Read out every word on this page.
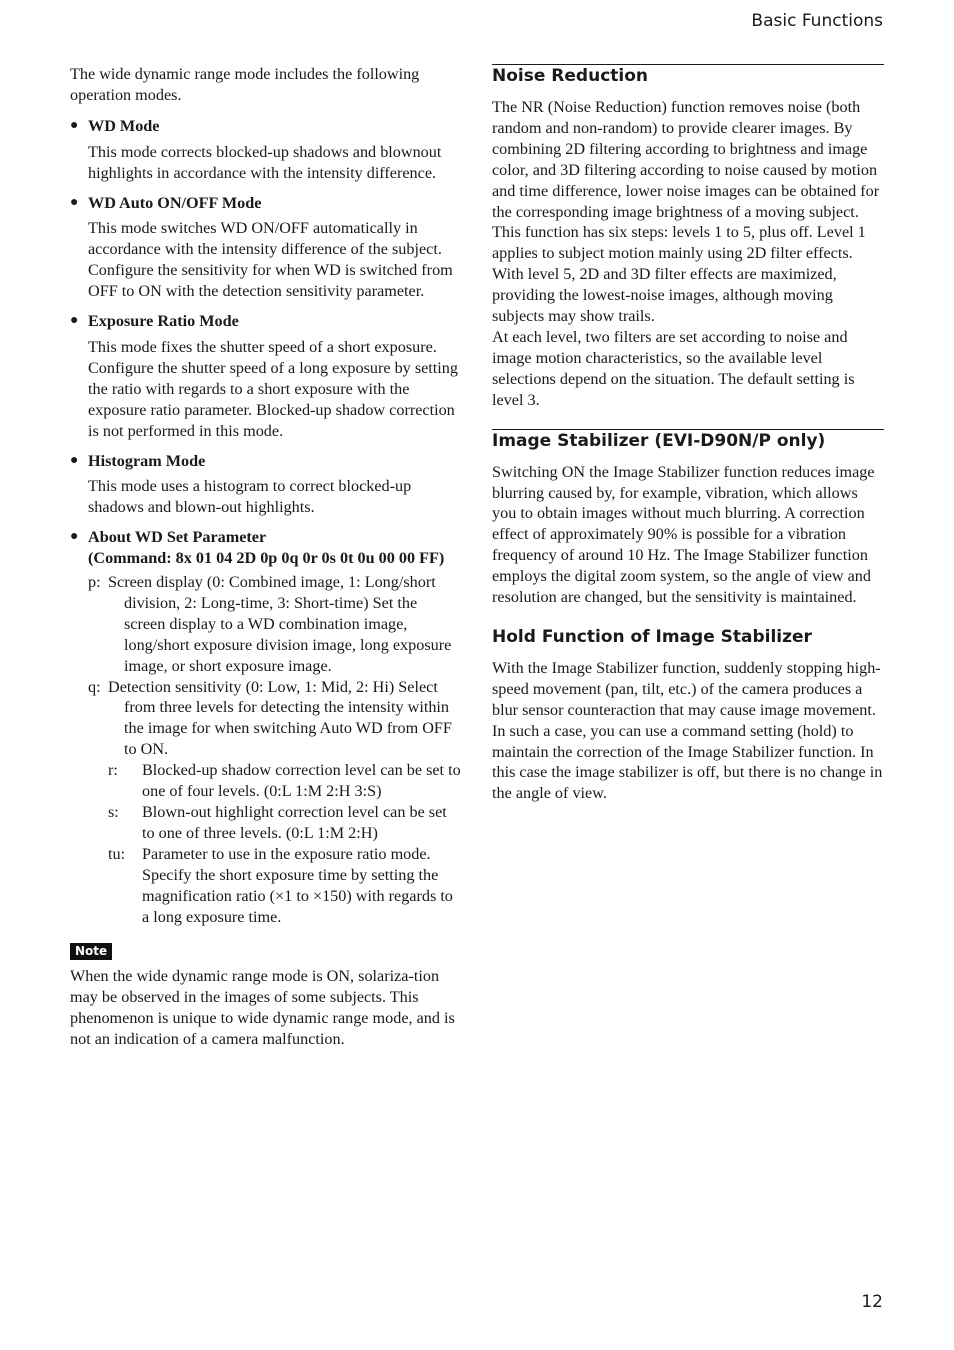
Basic Functions

The wide dynamic range mode includes the following operation modes.

● WD Mode

This mode corrects blocked-up shadows and blownout highlights in accordance with the intensity difference.

● WD Auto ON/OFF Mode

This mode switches WD ON/OFF automatically in accordance with the intensity difference of the subject. Configure the sensitivity for when WD is switched from OFF to ON with the detection sensitivity parameter.

● Exposure Ratio Mode

This mode fixes the shutter speed of a short exposure. Configure the shutter speed of a long exposure by setting the ratio with regards to a short exposure with the exposure ratio parameter. Blocked-up shadow correction is not performed in this mode.

● Histogram Mode

This mode uses a histogram to correct blocked-up shadows and blown-out highlights.

● About WD Set Parameter
(Command: 8x 01 04 2D 0p 0q 0r 0s 0t 0u 00 00 FF)
p: Screen display (0: Combined image, 1: Long/short division, 2: Long-time, 3: Short-time) Set the screen display to a WD combination image, long/short exposure division image, long exposure image, or short exposure image.
q: Detection sensitivity (0: Low, 1: Mid, 2: Hi) Select from three levels for detecting the intensity within the image for when switching Auto WD from OFF to ON.
r:	Blocked-up shadow correction level can be set to one of four levels. (0:L 1:M 2:H 3:S)
s:	Blown-out highlight correction level can be set to one of three levels. (0:L 1:M 2:H)
tu:	Parameter to use in the exposure ratio mode. Specify the short exposure time by setting the magnification ratio (×1 to ×150) with regards to a long exposure time.
Note

When the wide dynamic range mode is ON, solariza-tion may be observed in the images of some subjects. This phenomenon is unique to wide dynamic range mode, and is not an indication of a camera malfunction.

Noise Reduction

The NR (Noise Reduction) function removes noise (both random and non-random) to provide clearer images. By combining 2D filtering according to brightness and image color, and 3D filtering according to noise caused by motion and time difference, lower noise images can be obtained for the corresponding image brightness of a moving subject.

This function has six steps: levels 1 to 5, plus off. Level 1 applies to subject motion mainly using 2D filter effects. With level 5, 2D and 3D filter effects are maximized, providing the lowest-noise images, although moving subjects may show trails.

At each level, two filters are set according to noise and image motion characteristics, so the available level selections depend on the situation. The default setting is level 3.

Image Stabilizer (EVI-D90N/P only)

Switching ON the Image Stabilizer function reduces image blurring caused by, for example, vibration, which allows you to obtain images without much blurring. A correction effect of approximately 90% is possible for a vibration frequency of around 10 Hz. The Image Stabilizer function employs the digital zoom system, so the angle of view and resolution are changed, but the sensitivity is maintained.

Hold Function of Image Stabilizer

With the Image Stabilizer function, suddenly stopping high-speed movement (pan, tilt, etc.) of the camera produces a blur sensor counteraction that may cause image movement. In such a case, you can use a command setting (hold) to maintain the correction of the Image Stabilizer function. In this case the image stabilizer is off, but there is no change in the angle of view.

12
